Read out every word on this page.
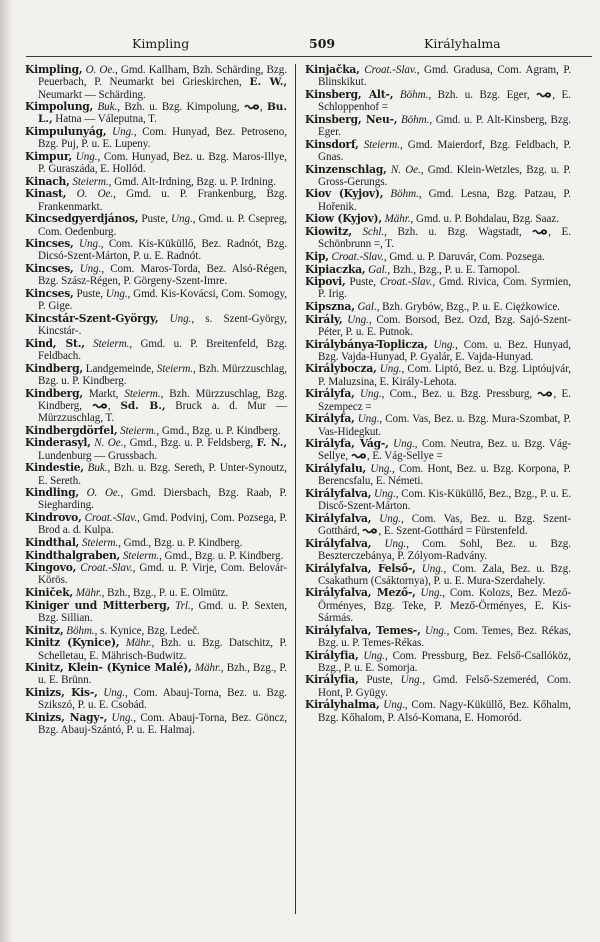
Kimpling	509	Királyhalma
Kimpling, O. Oe., Gmd. Kallham, Bzh. Schärding, Bzg. Peuerbach, P. Neumarkt bei Grieskirchen, E. W., Neumarkt — Schärding.
Kimpolung, Buk., Bzh. u. Bzg. Kimpolung, , Bu. L., Hatna — Váleputna, T.
Kimpulunyág, Ung., Com. Hunyad, Bez. Petroseno, Bzg. Puj, P. u. E. Lupeny.
Kimpur, Ung., Com. Hunyad, Bez. u. Bzg. Maros-Illye, P. Guraszáda, E. Hollód.
Kinach, Steierm., Gmd. Alt-Irdning, Bzg. u. P. Irdning.
Kinast, O. Oe., Gmd. u. P. Frankenburg, Bzg. Frankenmarkt.
Kincsedgyerdjános, Puste, Ung., Gmd. u. P. Csepreg, Com. Oedenburg.
Kincses, Ung., Com. Kis-Küküllő, Bez. Radnót, Bzg. Dicsó-Szent-Márton, P. u. E. Radnót.
Kincses, Ung., Com. Maros-Torda, Bez. Alsó-Régen, Bzg. Szász-Régen, P. Görgeny-Szent-Imre.
Kincses, Puste, Ung., Gmd. Kis-Kovácsi, Com. Somogy, P. Gige.
Kincstár-Szent-György, Ung., s. Szent-György, Kincstár-.
Kind, St., Steierm., Gmd. u. P. Breitenfeld, Bzg. Feldbach.
Kindberg, Landgemeinde, Steierm., Bzh. Mürzzuschlag, Bzg. u. P. Kindberg.
Kindberg, Markt, Steierm., Bzh. Mürzzuschlag, Bzg. Kindberg, , Sd. B., Bruck a. d. Mur — Mürzzuschlag, T.
Kindbergdörfel, Steierm., Gmd., Bzg. u. P. Kindberg.
Kinderasyl, N. Oe., Gmd., Bzg. u. P. Feldsberg, F. N., Lundenburg — Grussbach.
Kindestie, Buk., Bzh. u. Bzg. Sereth, P. Unter-Synoutz, E. Sereth.
Kindling, O. Oe., Gmd. Diersbach, Bzg. Raab, P. Siegharding.
Kindrovo, Croat.-Slav., Gmd. Podvinj, Com. Pozsega, P. Brod a. d. Kulpa.
Kindthal, Steierm., Gmd., Bzg. u. P. Kindberg.
Kindthalgraben, Steierm., Gmd., Bzg. u. P. Kindberg.
Kingovo, Croat.-Slav., Gmd. u. P. Virje, Com. Belovár-Körös.
Kiniček, Mähr., Bzh., Bzg., P. u. E. Olmütz.
Kiniger und Mitterberg, Trl., Gmd. u. P. Sexten, Bzg. Sillian.
Kinitz, Böhm., s. Kynice, Bzg. Ledeč.
Kinitz (Kynice), Mähr., Bzh. u. Bzg. Datschitz, P. Schelletau, E. Mährisch-Budwitz.
Kinitz, Klein- (Kynice Malé), Mähr., Bzh., Bzg., P. u. E. Brünn.
Kinizs, Kis-, Ung., Com. Abauj-Torna, Bez. u. Bzg. Szikszó, P. u. E. Csobád.
Kinizs, Nagy-, Ung., Com. Abauj-Torna, Bez. Göncz, Bzg. Abauj-Szántó, P. u. E. Halmaj.
Kinjačka, Croat.-Slav., Gmd. Gradusa, Com. Agram, P. Blinskikut.
Kinsberg, Alt-, Böhm., Bzh. u. Bzg. Eger, , E. Schloppenhof =
Kinsberg, Neu-, Böhm., Gmd. u. P. Alt-Kinsberg, Bzg. Eger.
Kinsdorf, Steierm., Gmd. Maierdorf, Bzg. Feldbach, P. Gnas.
Kinzenschlag, N. Oe., Gmd. Klein-Wetzles, Bzg. u. P. Gross-Gerungs.
Kiov (Kyjov), Böhm., Gmd. Lesna, Bzg. Patzau, P. Hořenik.
Kiow (Kyjov), Mähr., Gmd. u. P. Bohdalau, Bzg. Saaz.
Kiowitz, Schl., Bzh. u. Bzg. Wagstadt, , E. Schönbrunn =, T.
Kip, Croat.-Slav., Gmd. u. P. Daruvár, Com. Pozsega.
Kipiaczka, Gal., Bzh., Bzg., P. u. E. Tarnopol.
Kipovi, Puste, Croat.-Slav., Gmd. Rivica, Com. Syrmien, P. Irig.
Kipszna, Gal., Bzh. Grybów, Bzg., P. u. E. Ciężkowice.
Király, Ung., Com. Borsod, Bez. Ozd, Bzg. Sajó-Szent-Péter, P. u. E. Putnok.
Királybánya-Toplicza, Ung., Com. u. Bez. Hunyad, Bzg. Vajda-Hunyad, P. Gyalár, E. Vajda-Hunyad.
Királybocza, Ung., Com. Liptó, Bez. u. Bzg. Liptóujvár, P. Maluzsina, E. Király-Lehota.
Királyfa, Ung., Com., Bez. u. Bzg. Pressburg, , E. Szempecz =
Királyfa, Ung., Com. Vas, Bez. u. Bzg. Mura-Szombat, P. Vas-Hidegkut.
Királyfa, Vág-, Ung., Com. Neutra, Bez. u. Bzg. Vág-Sellye, , E. Vág-Sellye =
Királyfalu, Ung., Com. Hont, Bez. u. Bzg. Korpona, P. Berencsfalu, E. Németi.
Királyfalva, Ung., Com. Kis-Küküllő, Bez., Bzg., P. u. E. Discő-Szent-Márton.
Királyfalva, Ung., Com. Vas, Bez. u. Bzg. Szent-Gotthárd, , E. Szent-Gotthárd = Fürstenfeld.
Királyfalva, Ung., Com. Sohl, Bez. u. Bzg. Beszterczebánya, P. Zólyom-Radvány.
Királyfalva, Felső-, Ung., Com. Zala, Bez. u. Bzg. Csakathurn (Csáktornya), P. u. E. Mura-Szerdahely.
Királyfalva, Mező-, Ung., Com. Kolozs, Bez. Mező-Örményes, Bzg. Teke, P. Mező-Örményes, E. Kis-Sármás.
Királyfalva, Temes-, Ung., Com. Temes, Bez. Rékas, Bzg. u. P. Temes-Rékas.
Királyfia, Ung., Com. Pressburg, Bez. Felső-Csallóköz, Bzg., P. u. E. Somorja.
Királyfia, Puste, Ung., Gmd. Felső-Szemeréd, Com. Hont, P. Gyügy.
Királyhalma, Ung., Com. Nagy-Küküllő, Bez. Kőhalm, Bzg. Kőhalom, P. Alsó-Komana, E. Homoród.
